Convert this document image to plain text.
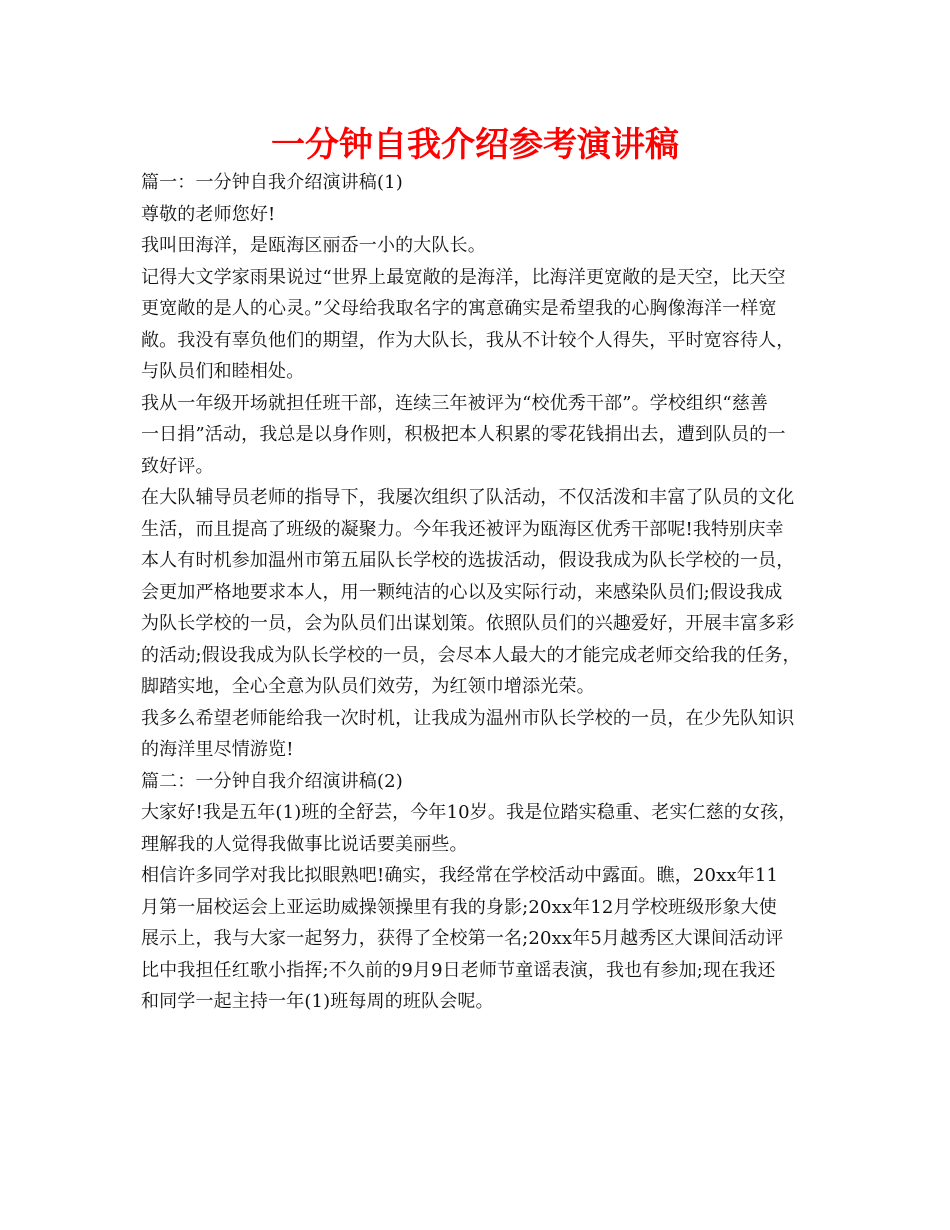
一分钟自我介绍参考演讲稿

篇一：一分钟自我介绍演讲稿(1)
尊敬的老师您好!
我叫田海洋，是瓯海区丽岙一小的大队长。
记得大文学家雨果说过“世界上最宽敞的是海洋，比海洋更宽敞的是天空，比天空
更宽敞的是人的心灵。”父母给我取名字的寓意确实是希望我的心胸像海洋一样宽
敞。我没有辜负他们的期望，作为大队长，我从不计较个人得失，平时宽容待人，
与队员们和睦相处。
我从一年级开场就担任班干部，连续三年被评为“校优秀干部”。学校组织“慈善
一日捐”活动，我总是以身作则，积极把本人积累的零花钱捐出去，遭到队员的一
致好评。
在大队辅导员老师的指导下，我屡次组织了队活动，不仅活泼和丰富了队员的文化
生活，而且提高了班级的凝聚力。今年我还被评为瓯海区优秀干部呢!我特别庆幸
本人有时机参加温州市第五届队长学校的选拔活动，假设我成为队长学校的一员，
会更加严格地要求本人，用一颗纯洁的心以及实际行动，来感染队员们;假设我成
为队长学校的一员，会为队员们出谋划策。依照队员们的兴趣爱好，开展丰富多彩
的活动;假设我成为队长学校的一员，会尽本人最大的才能完成老师交给我的任务，
脚踏实地，全心全意为队员们效劳，为红领巾增添光荣。
我多么希望老师能给我一次时机，让我成为温州市队长学校的一员，在少先队知识
的海洋里尽情游览!
篇二：一分钟自我介绍演讲稿(2)
大家好!我是五年(1)班的全舒芸，今年10岁。我是位踏实稳重、老实仁慈的女孩，
理解我的人觉得我做事比说话要美丽些。
相信许多同学对我比拟眼熟吧!确实，我经常在学校活动中露面。瞧，20xx年11
月第一届校运会上亚运助威操领操里有我的身影;20xx年12月学校班级形象大使
展示上，我与大家一起努力，获得了全校第一名;20xx年5月越秀区大课间活动评
比中我担任红歌小指挥;不久前的9月9日老师节童谣表演，我也有参加;现在我还
和同学一起主持一年(1)班每周的班队会呢。
